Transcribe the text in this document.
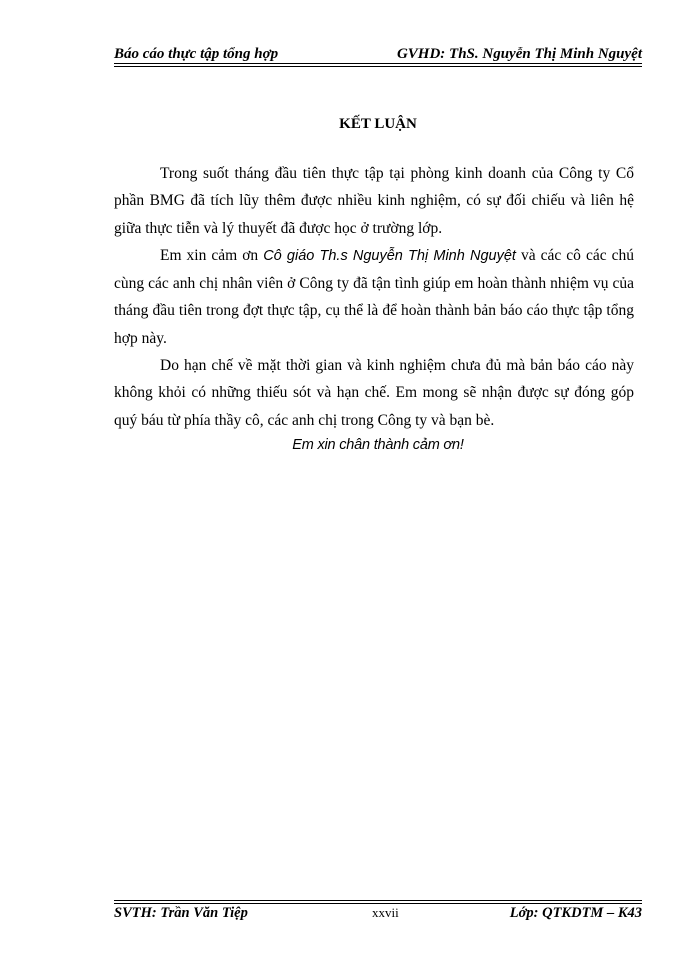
Báo cáo thực tập tổng hợp	GVHD: ThS. Nguyễn Thị Minh Nguyệt
KẾT LUẬN

Trong suốt tháng đầu tiên thực tập tại phòng kinh doanh của Công ty Cổ phần BMG đã tích lũy thêm được nhiều kinh nghiệm, có sự đối chiếu và liên hệ giữa thực tiễn và lý thuyết đã được học ở trường lớp.

Em xin cảm ơn Cô giáo Th.s Nguyễn Thị Minh Nguyệt và các cô các chú cùng các anh chị nhân viên ở Công ty đã tận tình giúp em hoàn thành nhiệm vụ của tháng đầu tiên trong đợt thực tập, cụ thể là để hoàn thành bản báo cáo thực tập tổng hợp này.

Do hạn chế về mặt thời gian và kinh nghiệm chưa đủ mà bản báo cáo này không khỏi có những thiếu sót và hạn chế. Em mong sẽ nhận được sự đóng góp quý báu từ phía thầy cô, các anh chị trong Công ty và bạn bè.

Em xin chân thành cảm ơn!
SVTH: Trần Văn Tiệp	xxvii	Lớp: QTKDTM – K43
